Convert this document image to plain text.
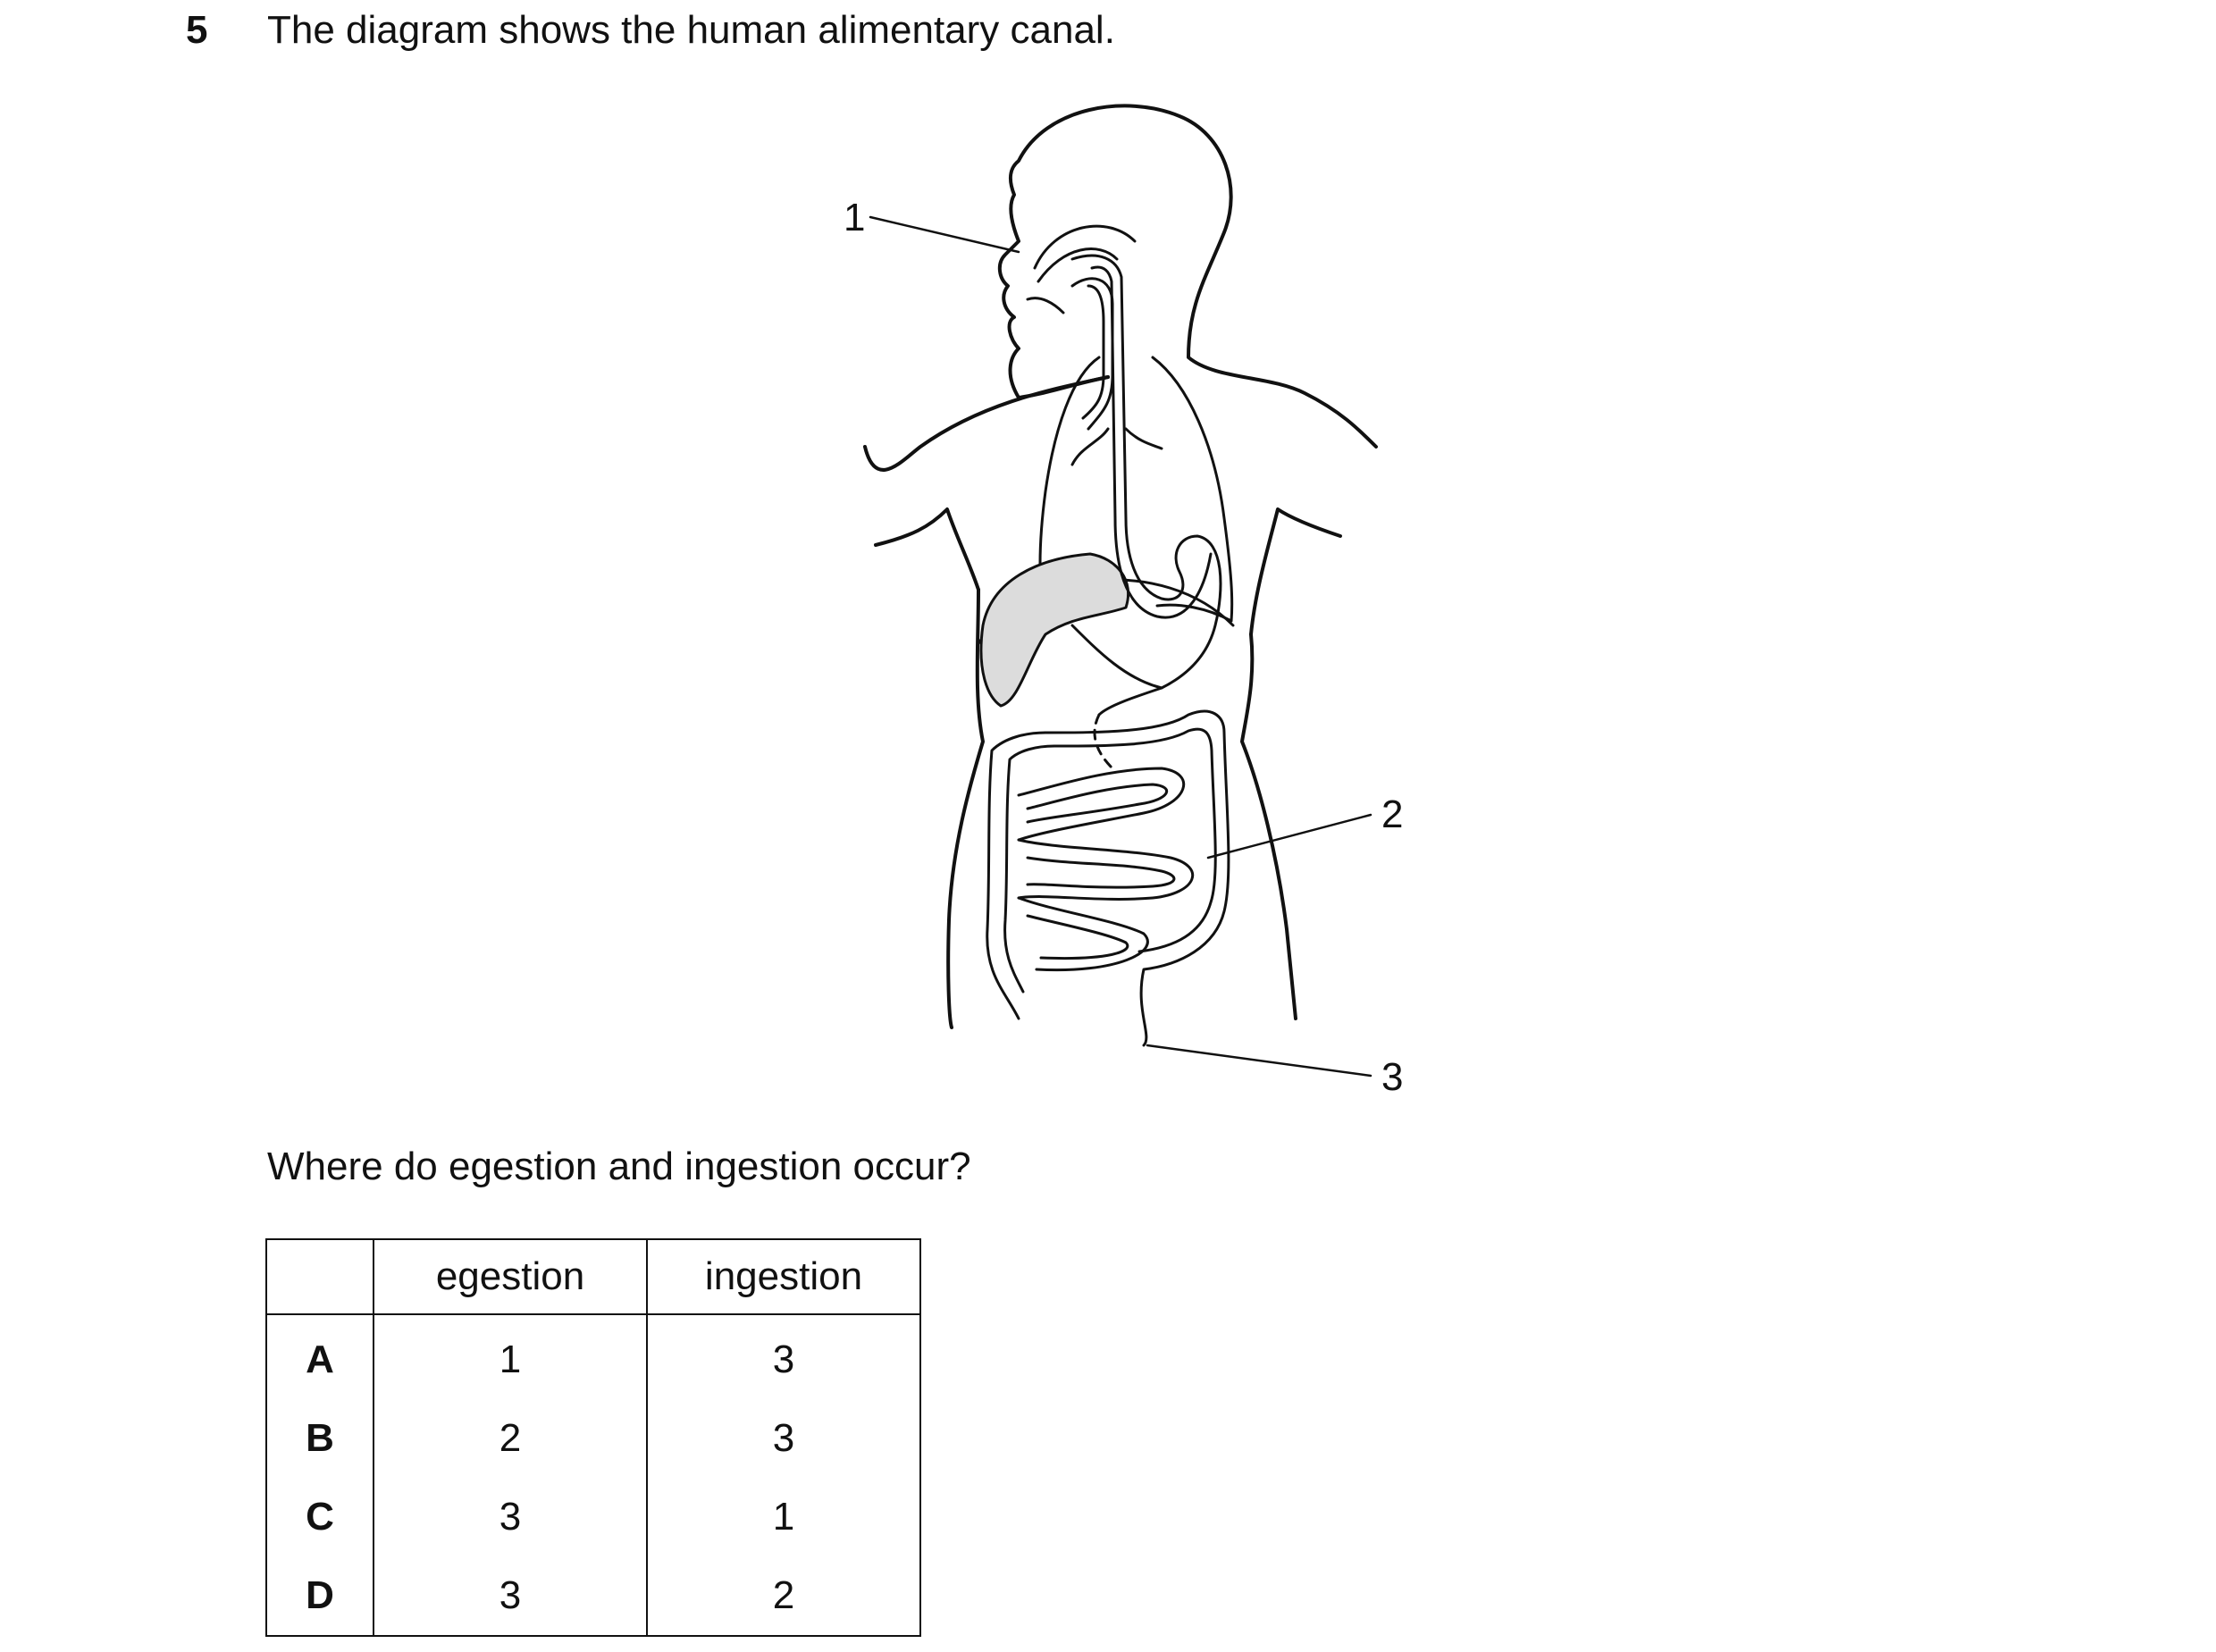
5 The diagram shows the human alimentary canal.
1
2
3
Where do egestion and ingestion occur?
	egestion	ingestion
A	1	3
B	2	3
C	3	1
D	3	2
